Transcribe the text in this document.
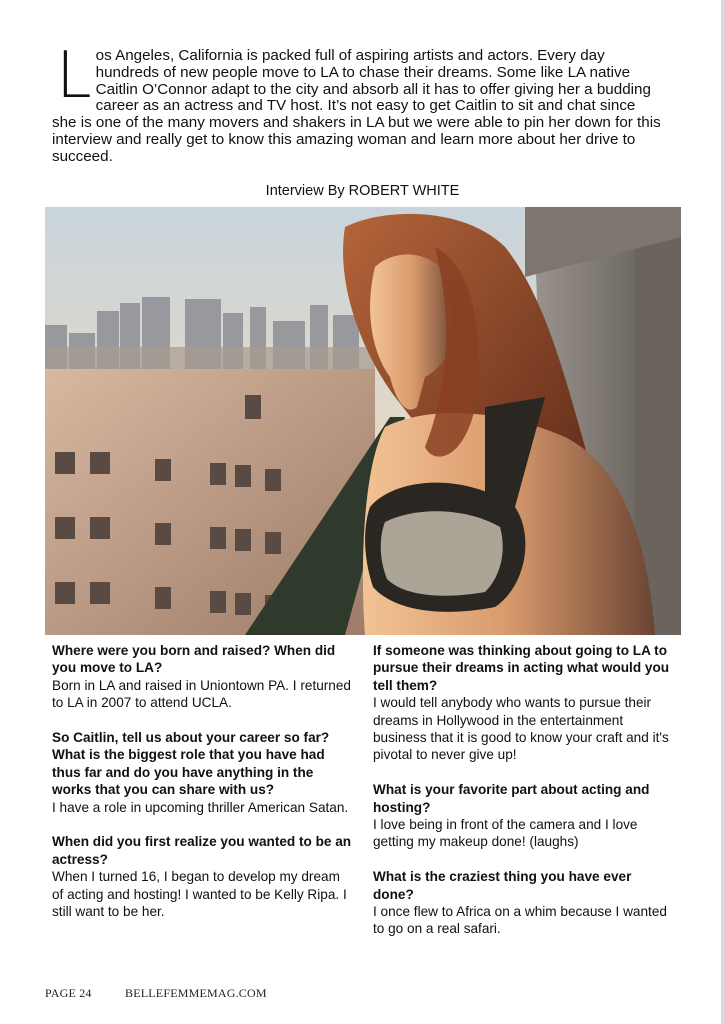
Los Angeles, California is packed full of aspiring artists and actors. Every day hundreds of new people move to LA to chase their dreams. Some like LA native Caitlin O’Connor adapt to the city and absorb all it has to offer giving her a budding career as an actress and TV host. It’s not easy to get Caitlin to sit and chat since she is one of the many movers and shakers in LA but we were able to pin her down for this interview and really get to know this amazing woman and learn more about her drive to succeed.
Interview By ROBERT WHITE
Where were you born and raised? When did you move to LA?
Born in LA and raised in Uniontown PA. I returned to LA in 2007 to attend UCLA.
So Caitlin, tell us about your career so far? What is the biggest role that you have had thus far and do you have anything in the works that you can share with us?
I have a role in upcoming thriller American Satan.
When did you first realize you wanted to be an actress?
When I turned 16, I began to develop my dream of acting and hosting! I wanted to be Kelly Ripa. I still want to be her.
If someone was thinking about going to LA to pursue their dreams in acting what would you tell them?
I would tell anybody who wants to pursue their dreams in Hollywood in the entertainment business that it is good to know your craft and it's pivotal to never give up!
What is your favorite part about acting and hosting?
I love being in front of the camera and I love getting my makeup done! (laughs)
What is the craziest thing you have ever done?
I once flew to Africa on a whim because I wanted to go on a real safari.
PAGE 24	BELLEFEMMEMAG.COM
